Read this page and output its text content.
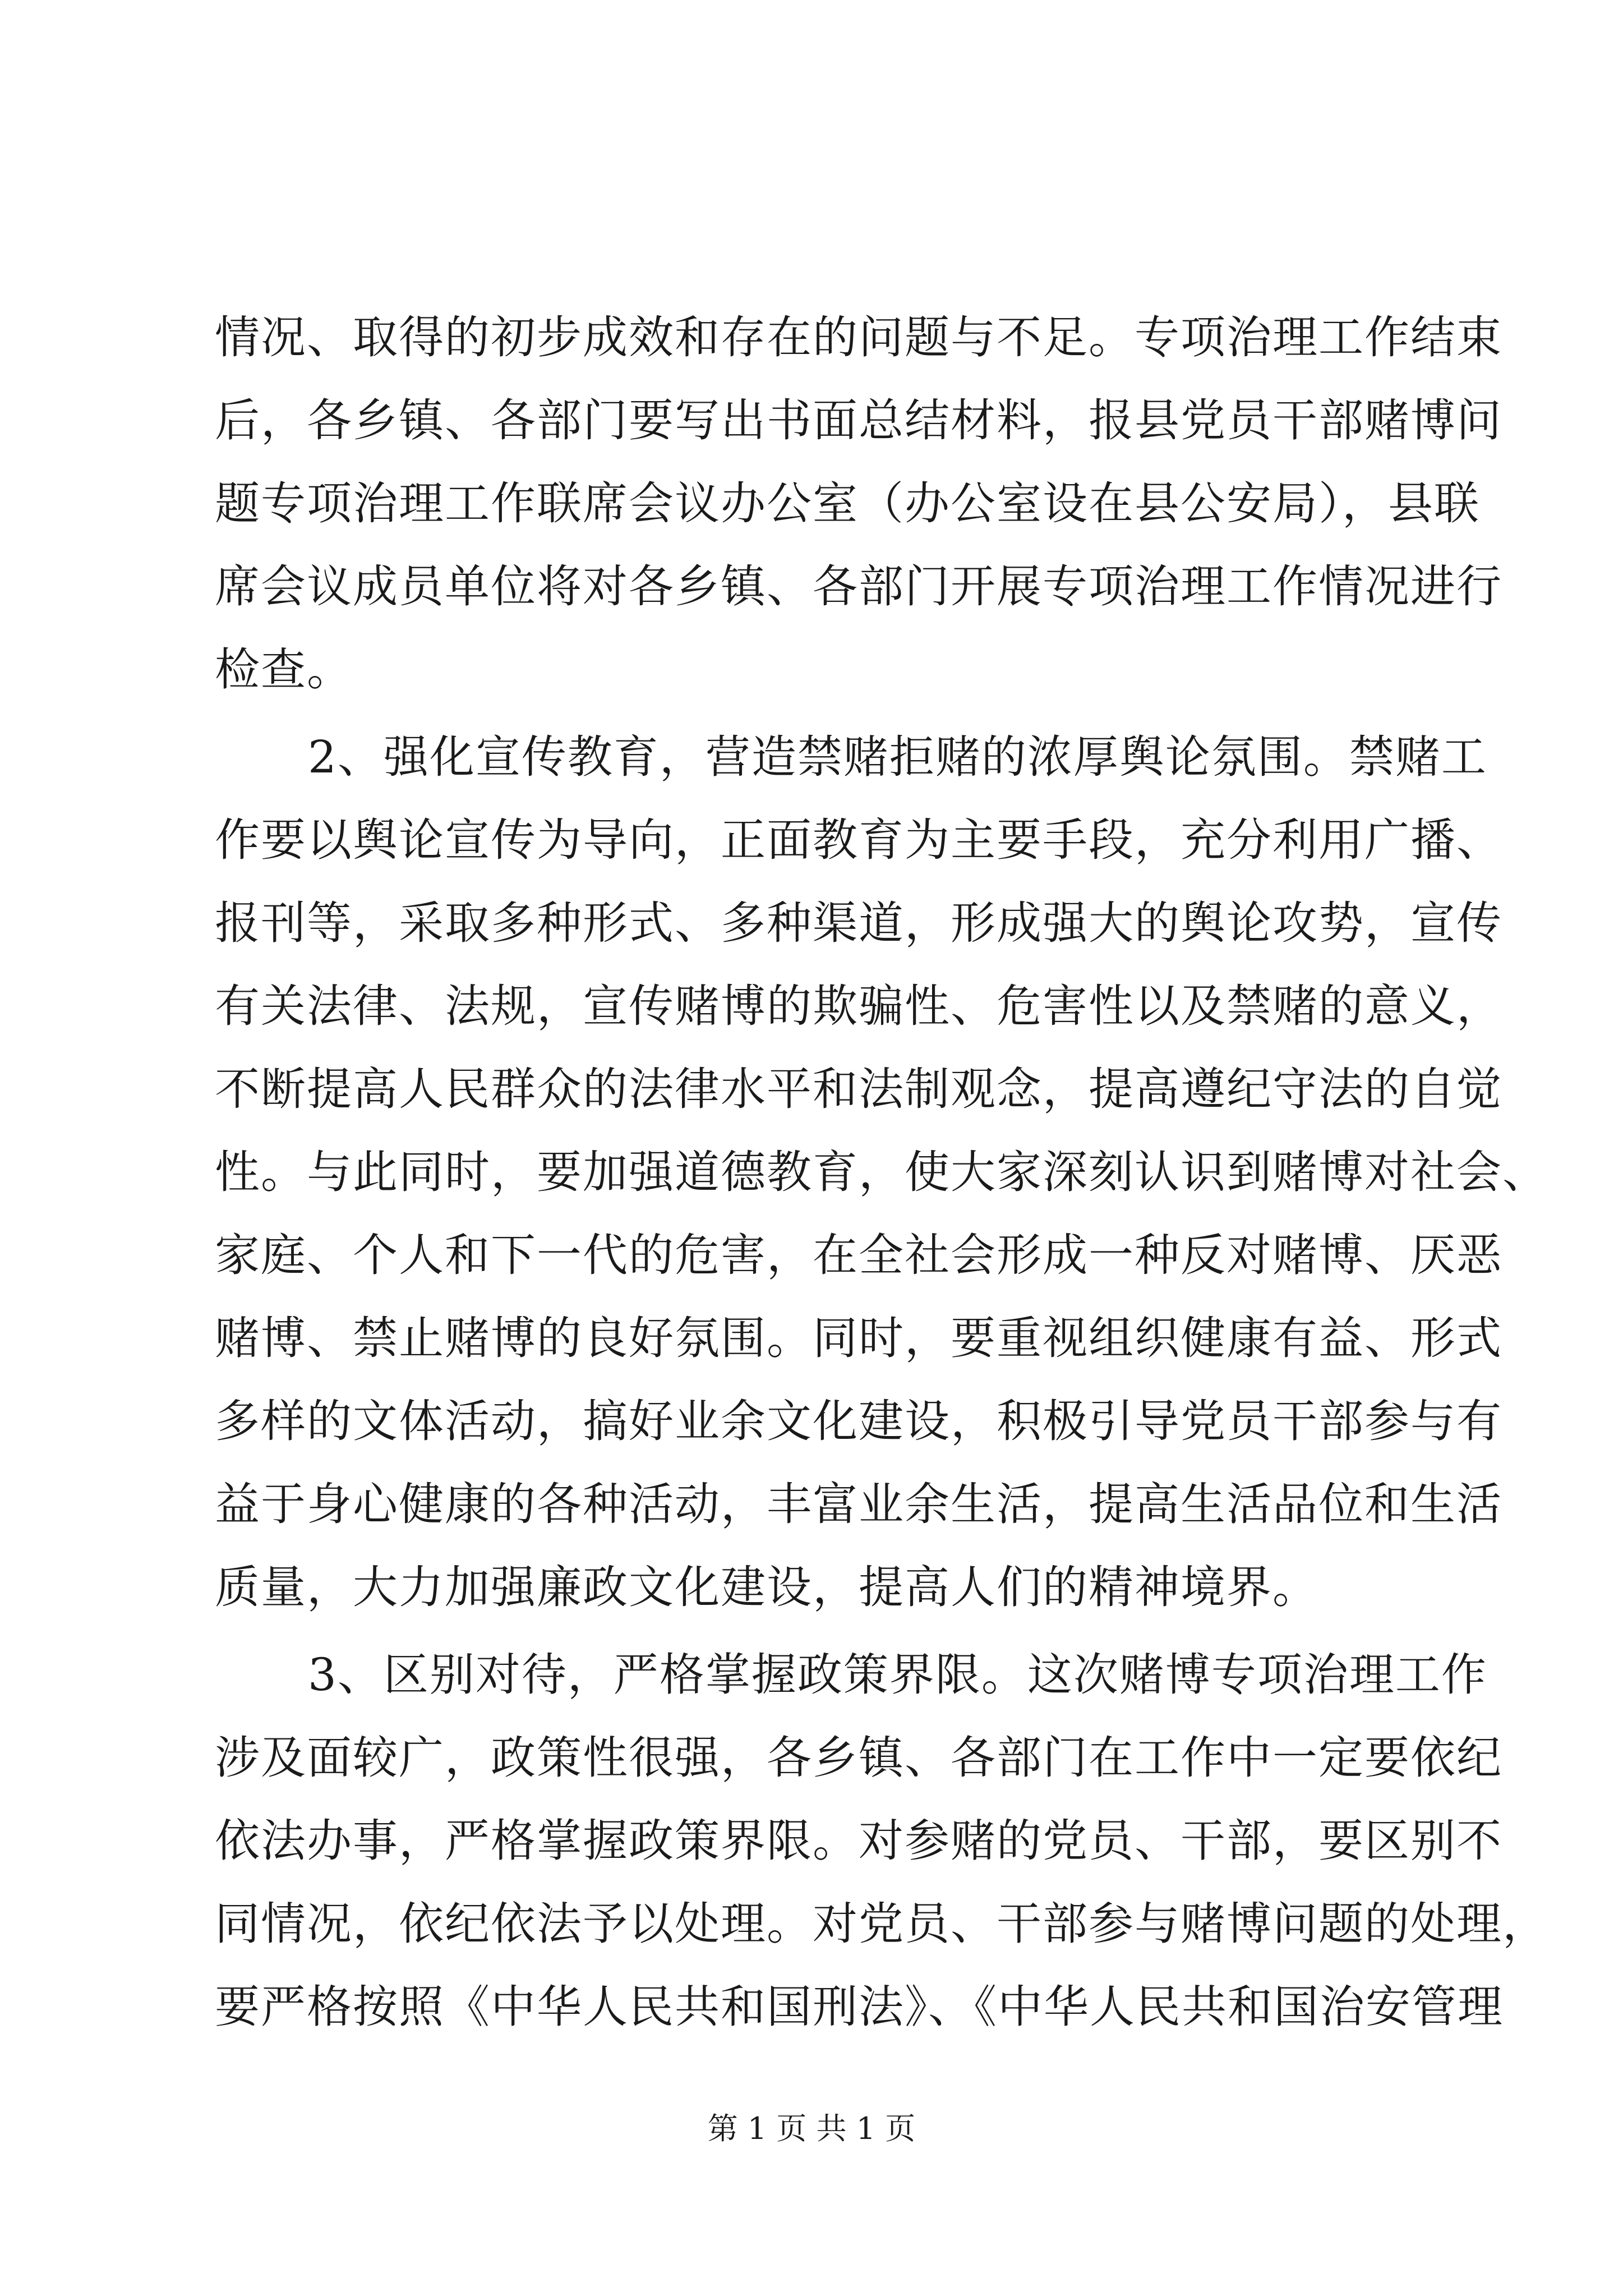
情况、取得的初步成效和存在的问题与不足。专项治理工作结束
后，各乡镇、各部门要写出书面总结材料，报县党员干部赌博问
题专项治理工作联席会议办公室（办公室设在县公安局），县联
席会议成员单位将对各乡镇、各部门开展专项治理工作情况进行
检查。
2、强化宣传教育，营造禁赌拒赌的浓厚舆论氛围。禁赌工
作要以舆论宣传为导向，正面教育为主要手段，充分利用广播、
报刊等，采取多种形式、多种渠道，形成强大的舆论攻势，宣传
有关法律、法规，宣传赌博的欺骗性、危害性以及禁赌的意义，
不断提高人民群众的法律水平和法制观念，提高遵纪守法的自觉
性。与此同时，要加强道德教育，使大家深刻认识到赌博对社会、
家庭、个人和下一代的危害，在全社会形成一种反对赌博、厌恶
赌博、禁止赌博的良好氛围。同时，要重视组织健康有益、形式
多样的文体活动，搞好业余文化建设，积极引导党员干部参与有
益于身心健康的各种活动，丰富业余生活，提高生活品位和生活
质量，大力加强廉政文化建设，提高人们的精神境界。
3、区别对待，严格掌握政策界限。这次赌博专项治理工作
涉及面较广，政策性很强，各乡镇、各部门在工作中一定要依纪
依法办事，严格掌握政策界限。对参赌的党员、干部，要区别不
同情况，依纪依法予以处理。对党员、干部参与赌博问题的处理，
要严格按照《中华人民共和国刑法》、《中华人民共和国治安管理
第 1 页 共 1 页
